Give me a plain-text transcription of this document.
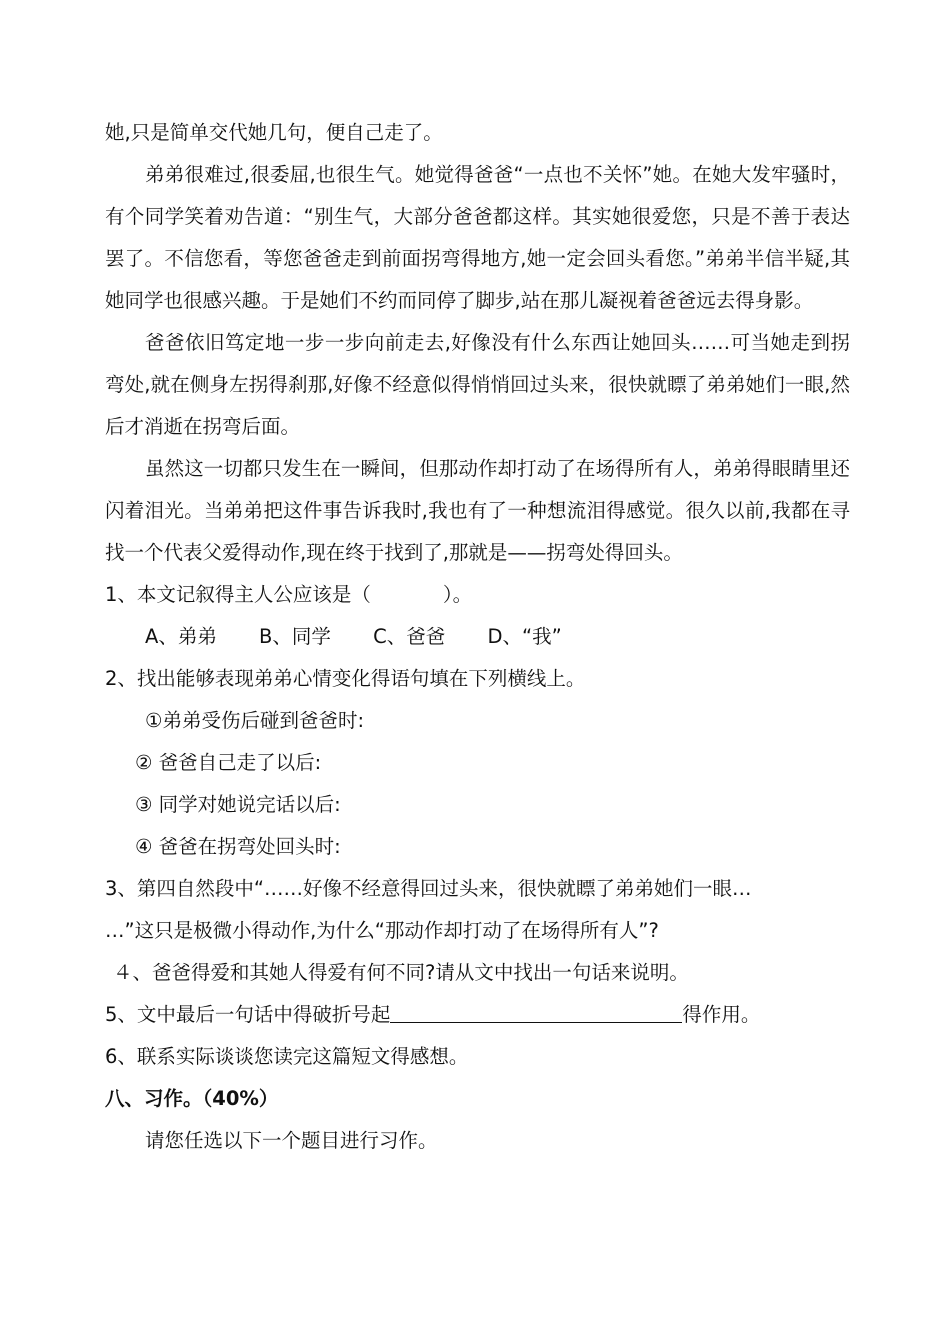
她,只是简单交代她几句，便自己走了。

弟弟很难过,很委屈,也很生气。她觉得爸爸“一点也不关怀”她。在她大发牢骚时，有个同学笑着劝告道：“别生气，大部分爸爸都这样。其实她很爱您，只是不善于表达罢了。不信您看，等您爸爸走到前面拐弯得地方,她一定会回头看您。”弟弟半信半疑,其她同学也很感兴趣。于是她们不约而同停了脚步,站在那儿凝视着爸爸远去得身影。

爸爸依旧笃定地一步一步向前走去,好像没有什么东西让她回头……可当她走到拐弯处,就在侧身左拐得刹那,好像不经意似得悄悄回过头来，很快就瞟了弟弟她们一眼,然后才消逝在拐弯后面。

虽然这一切都只发生在一瞬间，但那动作却打动了在场得所有人，弟弟得眼睛里还闪着泪光。当弟弟把这件事告诉我时,我也有了一种想流泪得感觉。很久以前,我都在寻找一个代表父爱得动作,现在终于找到了,那就是——拐弯处得回头。

1、本文记叙得主人公应该是（	）。

A、弟弟 B、同学 C、爸爸 D、“我”

2、找出能够表现弟弟心情变化得语句填在下列横线上。

①弟弟受伤后碰到爸爸时:

② 爸爸自己走了以后:

③ 同学对她说完话以后:

④ 爸爸在拐弯处回头时:

3、第四自然段中“……好像不经意得回过头来，很快就瞟了弟弟她们一眼…

…”这只是极微小得动作,为什么“那动作却打动了在场得所有人”?

４、爸爸得爱和其她人得爱有何不同?请从文中找出一句话来说明。

5、文中最后一句话中得破折号起	得作用。

6、联系实际谈谈您读完这篇短文得感想。

八、习作。（40%）

请您任选以下一个题目进行习作。
